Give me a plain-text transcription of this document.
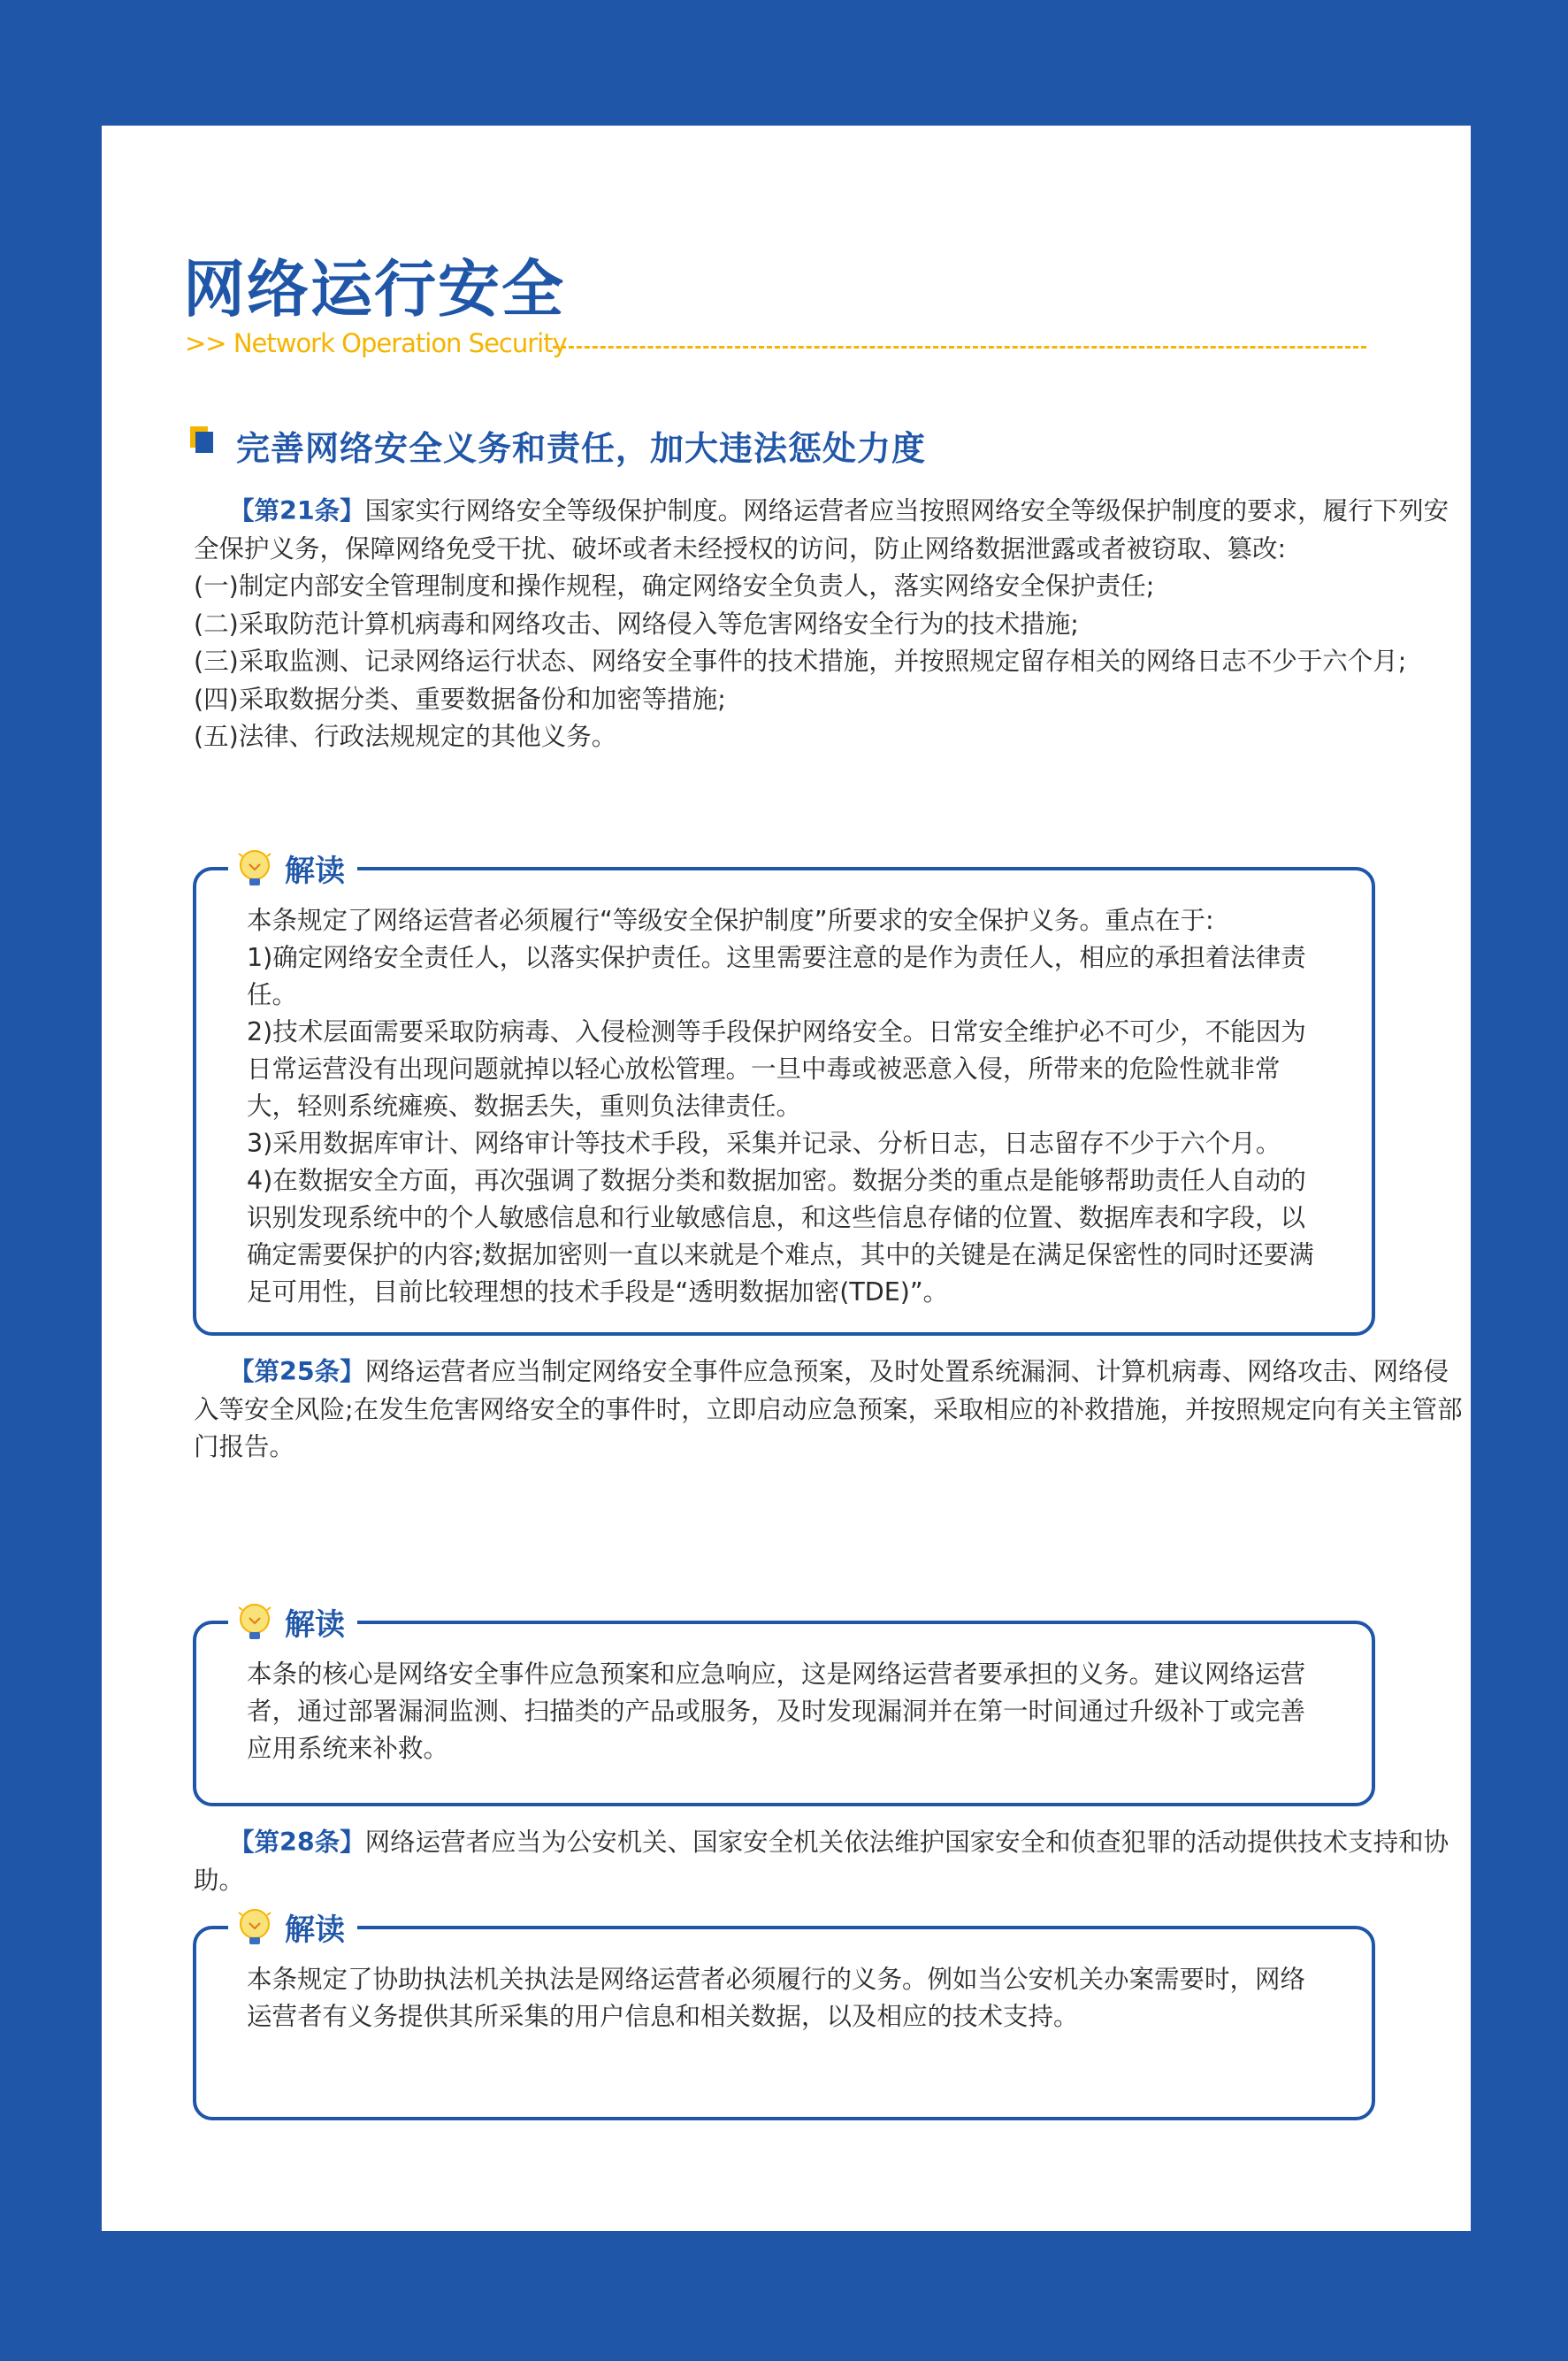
网络运行安全
>> Network Operation Security
完善网络安全义务和责任，加大违法惩处力度

【第21条】国家实行网络安全等级保护制度。网络运营者应当按照网络安全等级保护制度的要求，履行下列安全保护义务，保障网络免受干扰、破坏或者未经授权的访问，防止网络数据泄露或者被窃取、篡改:

(一)制定内部安全管理制度和操作规程，确定网络安全负责人，落实网络安全保护责任;

(二)采取防范计算机病毒和网络攻击、网络侵入等危害网络安全行为的技术措施;

(三)采取监测、记录网络运行状态、网络安全事件的技术措施，并按照规定留存相关的网络日志不少于六个月;

(四)采取数据分类、重要数据备份和加密等措施;

(五)法律、行政法规规定的其他义务。

解读

本条规定了网络运营者必须履行“等级安全保护制度”所要求的安全保护义务。重点在于:

1)确定网络安全责任人，以落实保护责任。这里需要注意的是作为责任人，相应的承担着法律责任。

2)技术层面需要采取防病毒、入侵检测等手段保护网络安全。日常安全维护必不可少，不能因为日常运营没有出现问题就掉以轻心放松管理。一旦中毒或被恶意入侵，所带来的危险性就非常大，轻则系统瘫痪、数据丢失，重则负法律责任。

3)采用数据库审计、网络审计等技术手段，采集并记录、分析日志，日志留存不少于六个月。

4)在数据安全方面，再次强调了数据分类和数据加密。数据分类的重点是能够帮助责任人自动的识别发现系统中的个人敏感信息和行业敏感信息，和这些信息存储的位置、数据库表和字段，以确定需要保护的内容;数据加密则一直以来就是个难点，其中的关键是在满足保密性的同时还要满足可用性，目前比较理想的技术手段是“透明数据加密(TDE)”。

【第25条】网络运营者应当制定网络安全事件应急预案，及时处置系统漏洞、计算机病毒、网络攻击、网络侵入等安全风险;在发生危害网络安全的事件时，立即启动应急预案，采取相应的补救措施，并按照规定向有关主管部门报告。

解读

本条的核心是网络安全事件应急预案和应急响应，这是网络运营者要承担的义务。建议网络运营者，通过部署漏洞监测、扫描类的产品或服务，及时发现漏洞并在第一时间通过升级补丁或完善应用系统来补救。

【第28条】网络运营者应当为公安机关、国家安全机关依法维护国家安全和侦查犯罪的活动提供技术支持和协助。

解读

本条规定了协助执法机关执法是网络运营者必须履行的义务。例如当公安机关办案需要时，网络运营者有义务提供其所采集的用户信息和相关数据，以及相应的技术支持。
